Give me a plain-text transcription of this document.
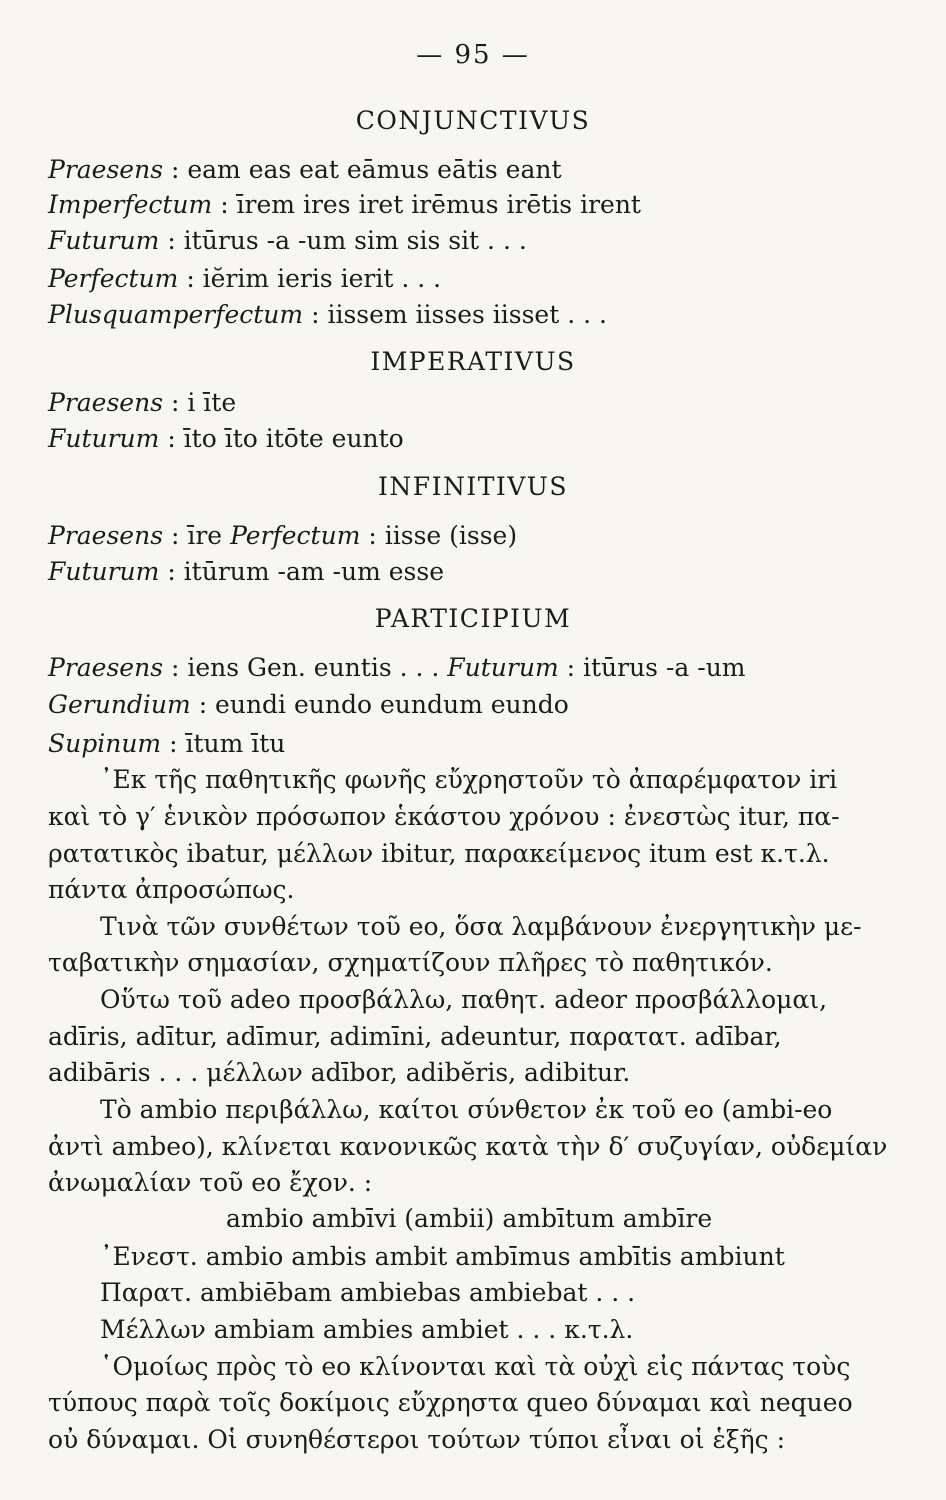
— 95 —
CONJUNCTIVUS
Praesens : eam eas eat eāmus eātis eant
Imperfectum : īrem ires iret irēmus irētis irent
Futurum : itūrus -a -um sim sis sit . . .
Perfectum : iĕrim ieris ierit . . .
Plusquamperfectum : iissem iisses iisset . . .
IMPERATIVUS
Praesens : i īte
Futurum : īto īto itōte eunto
INFINITIVUS
Praesens : īre Perfectum : iisse (isse)
Futurum : itūrum -am -um esse
PARTICIPIUM
Praesens : iens Gen. euntis . . . Futurum : itūrus -a -um
Gerundium : eundi eundo eundum eundo
Supinum : ītum ītu
᾿Εκ τῆς παθητικῆς φωνῆς εὔχρηστοῦν τὸ ἀπαρέμφατον iri
καὶ τὸ γ′ ἑνικὸν πρόσωπον ἑκάστου χρόνου : ἐνεστὼς itur, πα-
ρατατικὸς ibatur, μέλλων ibitur, παρακείμενος itum est κ.τ.λ.
πάντα ἀπροσώπως.
Τινὰ τῶν συνθέτων τοῦ eo, ὅσα λαμβάνουν ἐνεργητικὴν με-
ταβατικὴν σημασίαν, σχηματίζουν πλῆρες τὸ παθητικόν.
Οὕτω τοῦ adeo προσβάλλω, παθητ. adeor προσβάλλομαι,
adīris, adītur, adīmur, adimīni, adeuntur, παρατατ. adībar,
adibāris . . . μέλλων adībor, adibĕris, adibitur.
Τὸ ambio περιβάλλω, καίτοι σύνθετον ἐκ τοῦ eo (ambi-eo
ἀντὶ ambeo), κλίνεται κανονικῶς κατὰ τὴν δ′ συζυγίαν, οὐδεμίαν
ἀνωμαλίαν τοῦ eo ἔχον. :
ambio ambīvi (ambii) ambītum ambīre
᾿Ενεστ. ambio ambis ambit ambīmus ambītis ambiunt
Παρατ. ambiēbam ambiebas ambiebat . . .
Μέλλων ambiam ambies ambiet . . . κ.τ.λ.
῾Ομοίως πρὸς τὸ eo κλίνονται καὶ τὰ οὐχὶ εἰς πάντας τοὺς
τύπους παρὰ τοῖς δοκίμοις εὔχρηστα queo δύναμαι καὶ nequeo
οὐ δύναμαι. Οἱ συνηθέστεροι τούτων τύποι εἶναι οἱ ἑξῆς :
